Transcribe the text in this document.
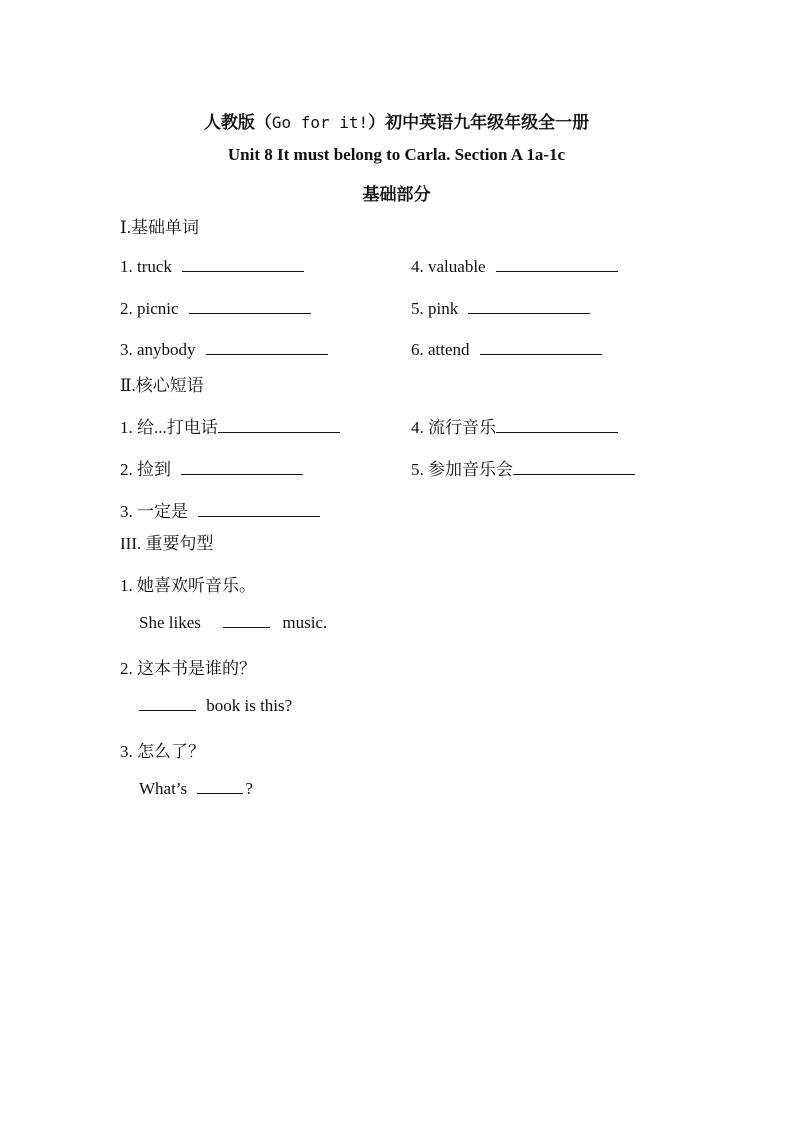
人教版（Go for it!）初中英语九年级年级全一册
Unit 8 It must belong to Carla. Section A 1a-1c
基础部分
Ⅰ.基础单词
1. truck
2. picnic
3. anybody
4. valuable
5. pink
6. attend
Ⅱ.核心短语
1. 给...打电话
2. 捡到
3. 一定是
4. 流行音乐
5. 参加音乐会
III. 重要句型
1. 她喜欢听音乐。
She likes	music.
2. 这本书是谁的？
book is this?
3. 怎么了？
What’s	?
